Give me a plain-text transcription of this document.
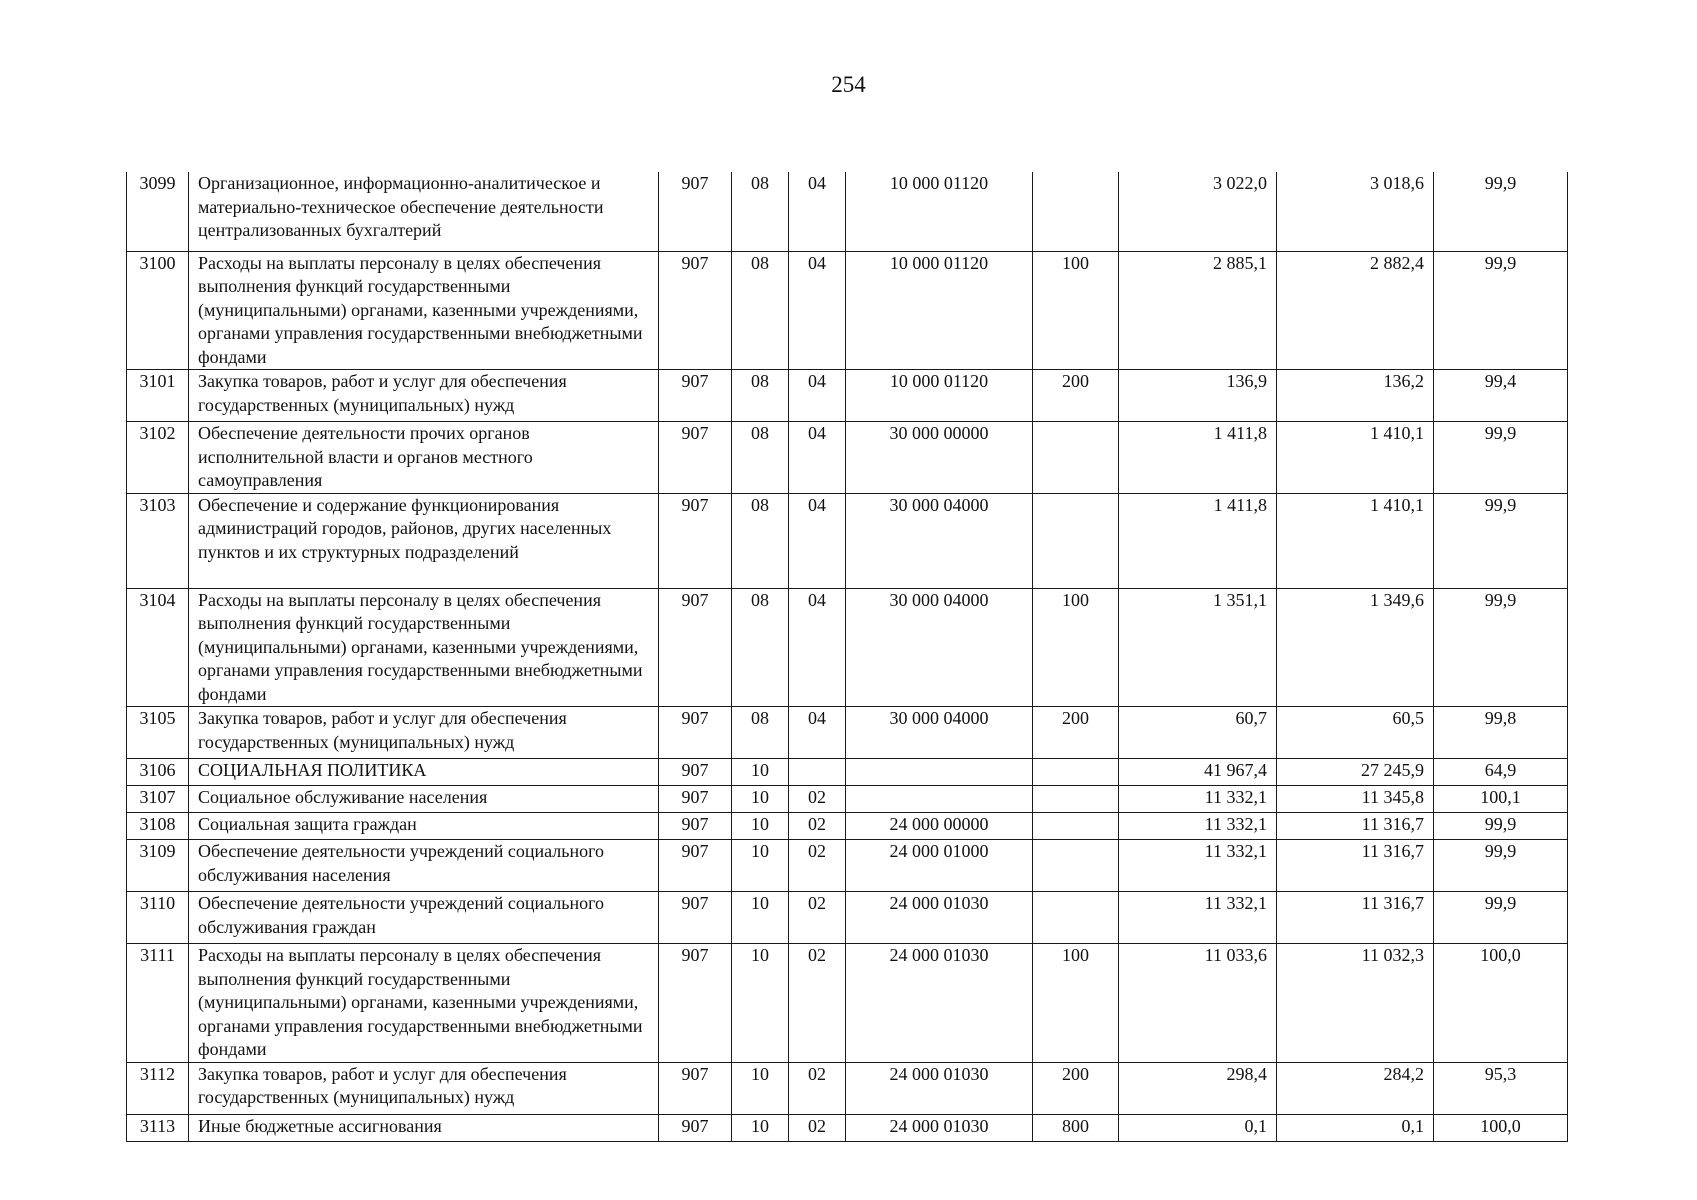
254
3099	Организационное, информационно-аналитическое и материально-техническое обеспечение деятельности централизованных бухгалтерий	907	08	04	10 000 01120		3 022,0	3 018,6	99,9
3100	Расходы на выплаты персоналу в целях обеспечения выполнения функций государственными (муниципальными) органами, казенными учреждениями, органами управления государственными внебюджетными фондами	907	08	04	10 000 01120	100	2 885,1	2 882,4	99,9
3101	Закупка товаров, работ и услуг для обеспечения государственных (муниципальных) нужд	907	08	04	10 000 01120	200	136,9	136,2	99,4
3102	Обеспечение деятельности прочих органов исполнительной власти и органов местного самоуправления	907	08	04	30 000 00000		1 411,8	1 410,1	99,9
3103	Обеспечение и содержание функционирования администраций городов, районов, других населенных пунктов и их структурных подразделений	907	08	04	30 000 04000		1 411,8	1 410,1	99,9
3104	Расходы на выплаты персоналу в целях обеспечения выполнения функций государственными (муниципальными) органами, казенными учреждениями, органами управления государственными внебюджетными фондами	907	08	04	30 000 04000	100	1 351,1	1 349,6	99,9
3105	Закупка товаров, работ и услуг для обеспечения государственных (муниципальных) нужд	907	08	04	30 000 04000	200	60,7	60,5	99,8
3106	СОЦИАЛЬНАЯ ПОЛИТИКА	907	10				41 967,4	27 245,9	64,9
3107	Социальное обслуживание населения	907	10	02			11 332,1	11 345,8	100,1
3108	Социальная защита граждан	907	10	02	24 000 00000		11 332,1	11 316,7	99,9
3109	Обеспечение деятельности учреждений социального обслуживания населения	907	10	02	24 000 01000		11 332,1	11 316,7	99,9
3110	Обеспечение деятельности учреждений социального обслуживания граждан	907	10	02	24 000 01030		11 332,1	11 316,7	99,9
3111	Расходы на выплаты персоналу в целях обеспечения выполнения функций государственными (муниципальными) органами, казенными учреждениями, органами управления государственными внебюджетными фондами	907	10	02	24 000 01030	100	11 033,6	11 032,3	100,0
3112	Закупка товаров, работ и услуг для обеспечения государственных (муниципальных) нужд	907	10	02	24 000 01030	200	298,4	284,2	95,3
3113	Иные бюджетные ассигнования	907	10	02	24 000 01030	800	0,1	0,1	100,0
